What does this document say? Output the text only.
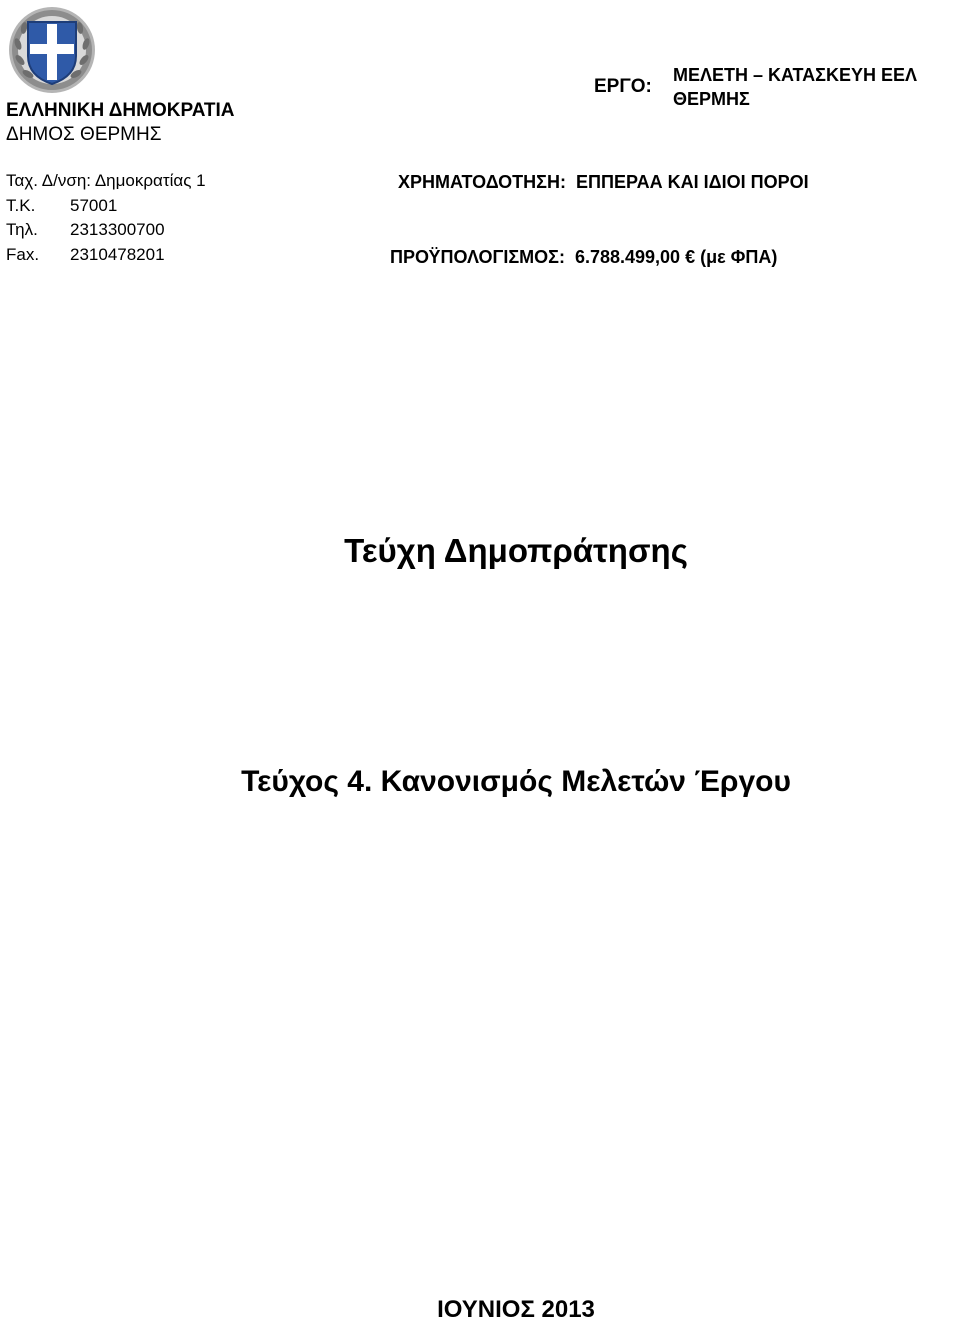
ΕΛΛΗΝΙΚΗ ΔΗΜΟΚΡΑΤΙΑ
ΔΗΜΟΣ ΘΕΡΜΗΣ
Ταχ. Δ/νση: Δημοκρατίας 1
Τ.Κ. 57001
Τηλ. 2313300700
Fax. 2310478201
ΕΡΓΟ:
ΜΕΛΕΤΗ – ΚΑΤΑΣΚΕΥΗ ΕΕΛ
ΘΕΡΜΗΣ
ΧΡΗΜΑΤΟΔΟΤΗΣΗ: ΕΠΠΕΡΑΑ ΚΑΙ ΙΔΙΟΙ ΠΟΡΟΙ
ΠΡΟΫΠΟΛΟΓΙΣΜΟΣ: 6.788.499,00 € (με ΦΠΑ)
Τεύχη Δημοπράτησης
Τεύχος 4. Κανονισμός Μελετών Έργου
ΙΟΥΝΙΟΣ 2013
